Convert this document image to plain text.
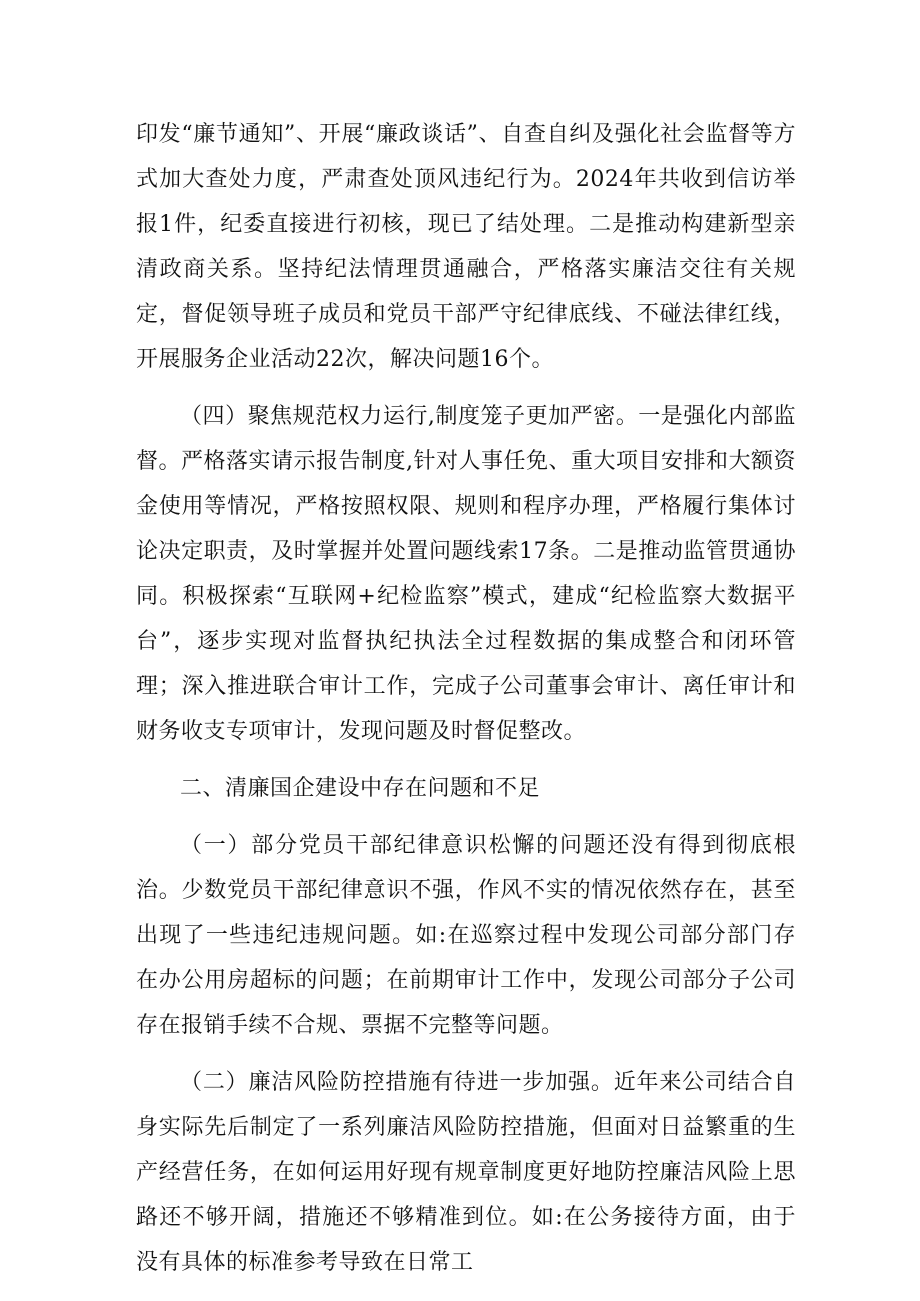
印发“廉节通知”、开展“廉政谈话”、自查自纠及强化社会监督等方式加大查处力度，严肃查处顶风违纪行为。2024年共收到信访举报1件，纪委直接进行初核，现已了结处理。二是推动构建新型亲清政商关系。坚持纪法情理贯通融合，严格落实廉洁交往有关规定，督促领导班子成员和党员干部严守纪律底线、不碰法律红线，开展服务企业活动22次，解决问题16个。

（四）聚焦规范权力运行,制度笼子更加严密。一是强化内部监督。严格落实请示报告制度,针对人事任免、重大项目安排和大额资金使用等情况，严格按照权限、规则和程序办理，严格履行集体讨论决定职责，及时掌握并处置问题线索17条。二是推动监管贯通协同。积极探索“互联网+纪检监察”模式，建成“纪检监察大数据平台”，逐步实现对监督执纪执法全过程数据的集成整合和闭环管理；深入推进联合审计工作，完成子公司董事会审计、离任审计和财务收支专项审计，发现问题及时督促整改。

二、清廉国企建设中存在问题和不足

（一）部分党员干部纪律意识松懈的问题还没有得到彻底根治。少数党员干部纪律意识不强，作风不实的情况依然存在，甚至出现了一些违纪违规问题。如:在巡察过程中发现公司部分部门存在办公用房超标的问题；在前期审计工作中，发现公司部分子公司存在报销手续不合规、票据不完整等问题。

（二）廉洁风险防控措施有待进一步加强。近年来公司结合自身实际先后制定了一系列廉洁风险防控措施，但面对日益繁重的生产经营任务，在如何运用好现有规章制度更好地防控廉洁风险上思路还不够开阔，措施还不够精准到位。如:在公务接待方面，由于没有具体的标准参考导致在日常工
